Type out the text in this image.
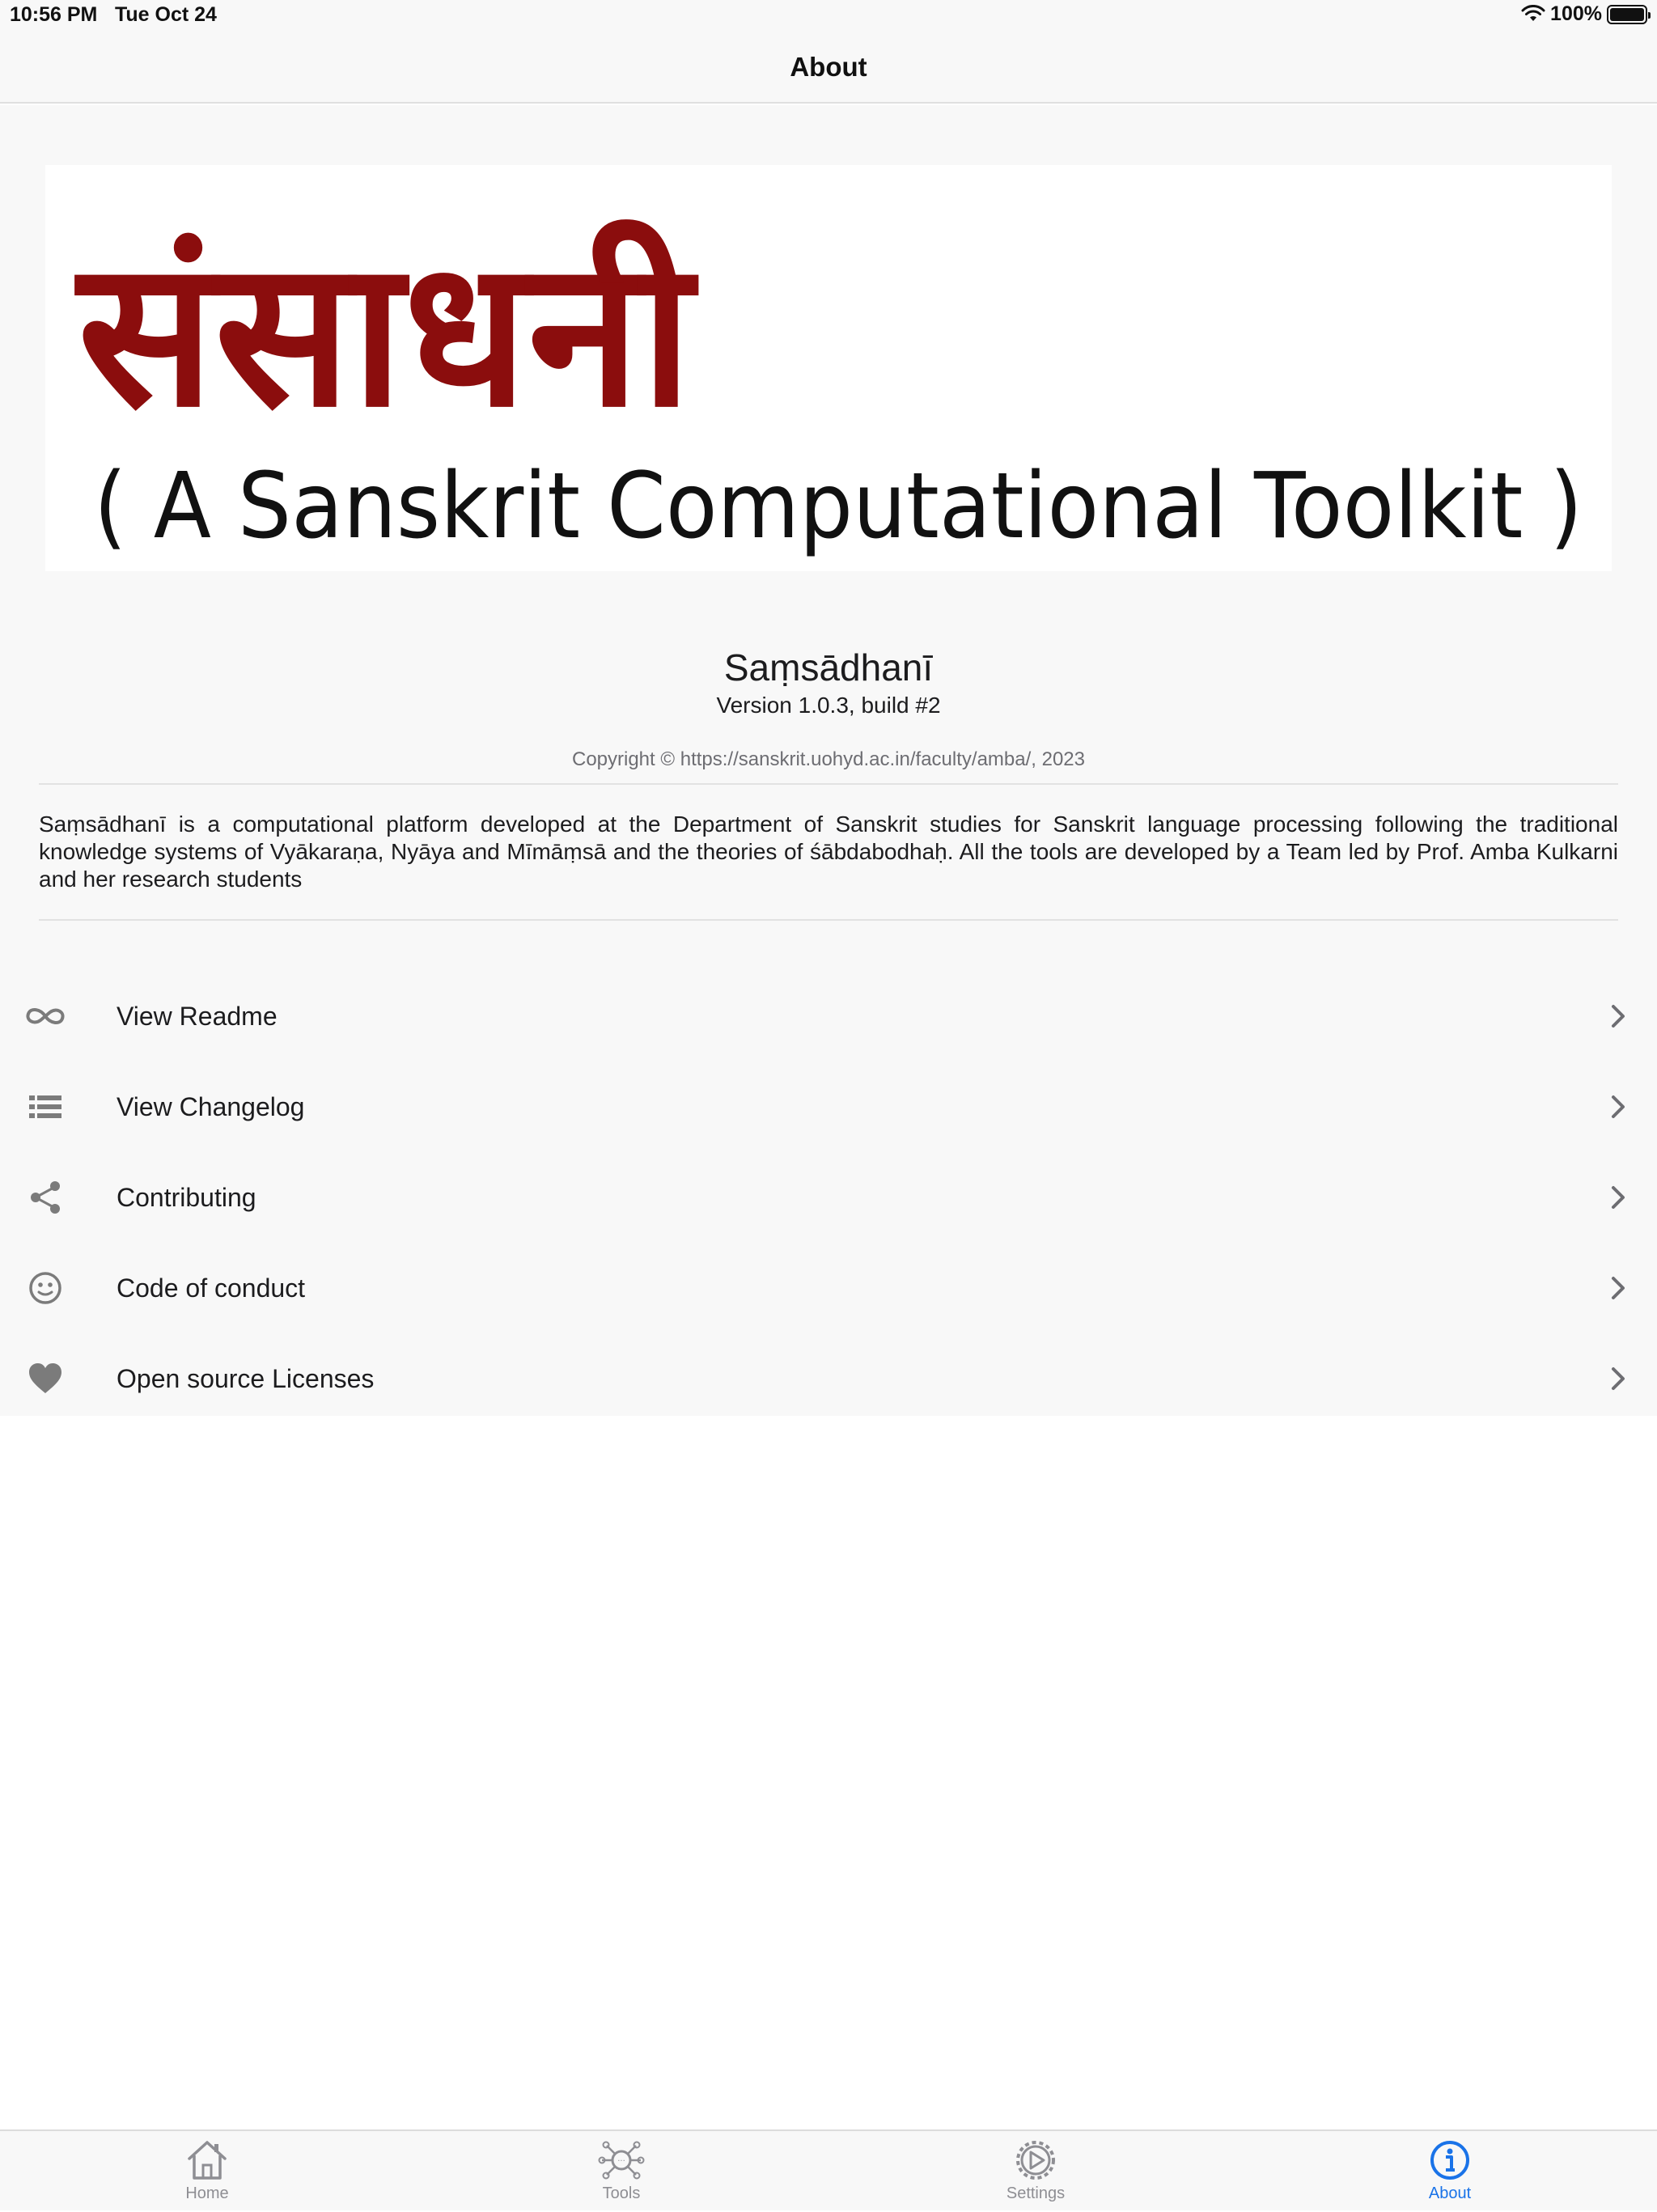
10:56 PM Tue Oct 24	100%
About
संसाधनी
( A Sanskrit Computational Toolkit )
Saṃsādhanī
Version 1.0.3, build #2
Copyright © https://sanskrit.uohyd.ac.in/faculty/amba/, 2023
Saṃsādhanī is a computational platform developed at the Department of Sanskrit studies for Sanskrit language processing following the traditional knowledge systems of Vyākaraṇa, Nyāya and Mīmāṃsā and the theories of śābdabodhaḥ. All the tools are developed by a Team led by Prof. Amba Kulkarni and her research students
View Readme
View Changelog
Contributing
Code of conduct
Open source Licenses
Home
···
Tools	Settings	About
